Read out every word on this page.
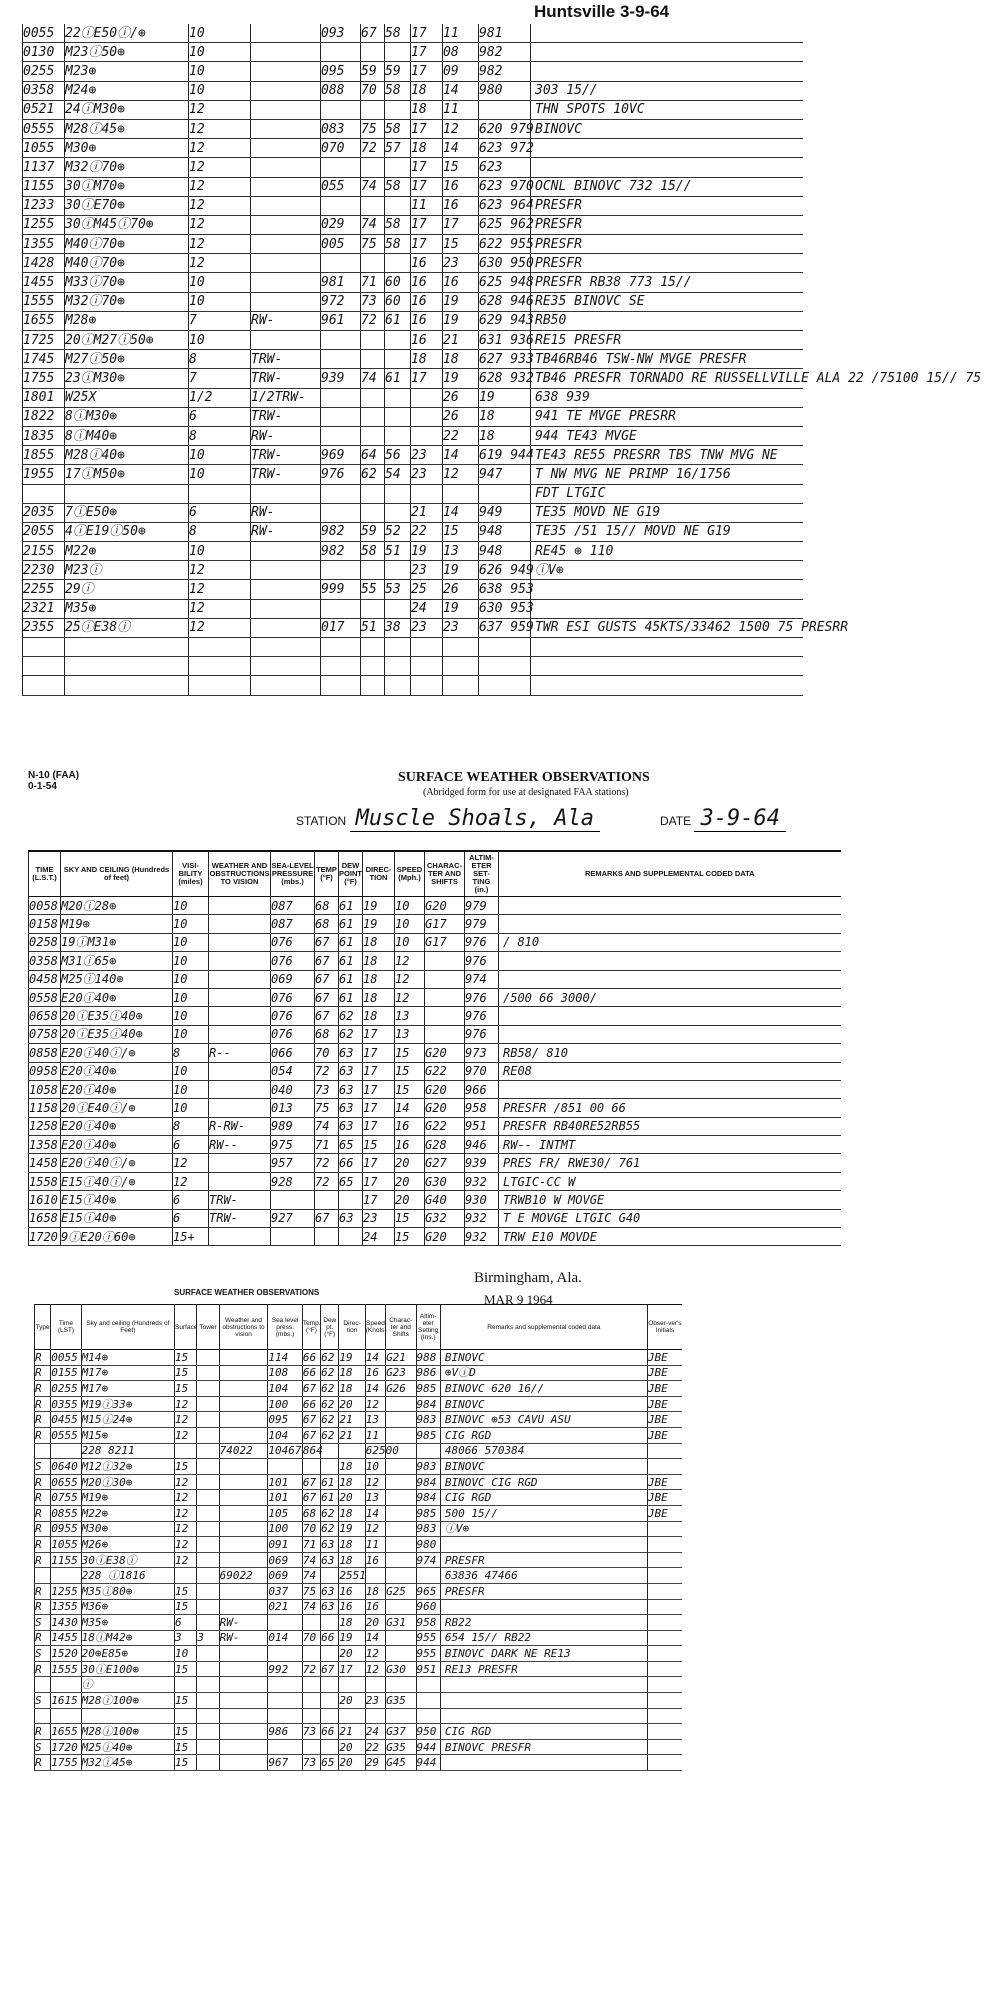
Huntsville 3-9-64
0055	22ⓘE50ⓘ/⊕	10		093	67	58	17	11	981	
0130	M23ⓘ50⊕	10					17	08	982	
0255	M23⊕	10		095	59	59	17	09	982	
0358	M24⊕	10		088	70	58	18	14	980	303 15//
0521	24ⓘM30⊕	12					18	11		THN SPOTS 10VC
0555	M28ⓘ45⊕	12		083	75	58	17	12	620 979	BINOVC
1055	M30⊕	12		070	72	57	18	14	623 972	
1137	M32ⓘ70⊕	12					17	15	623	
1155	30ⓘM70⊕	12		055	74	58	17	16	623 970	OCNL BINOVC 732 15//
1233	30ⓘE70⊕	12					11	16	623 964	PRESFR
1255	30ⓘM45ⓘ70⊕	12		029	74	58	17	17	625 962	PRESFR
1355	M40ⓘ70⊕	12		005	75	58	17	15	622 955	PRESFR
1428	M40ⓘ70⊕	12					16	23	630 950	PRESFR
1455	M33ⓘ70⊕	10		981	71	60	16	16	625 948	PRESFR RB38 773 15//
1555	M32ⓘ70⊕	10		972	73	60	16	19	628 946	RE35 BINOVC SE
1655	M28⊕	7	RW-	961	72	61	16	19	629 943	RB50
1725	20ⓘM27ⓘ50⊕	10					16	21	631 936	RE15 PRESFR
1745	M27ⓘ50⊕	8	TRW-				18	18	627 933	TB46RB46 TSW-NW MVGE PRESFR
1755	23ⓘM30⊕	7	TRW-	939	74	61	17	19	628 932	TB46 PRESFR TORNADO RE RUSSELLVILLE ALA 22 /75100 15// 75
1801	W25X	1/2	1/2TRW-					26	19	638 939
1822	8ⓘM30⊕	6	TRW-					26	18	941 TE MVGE PRESRR
1835	8ⓘM40⊕	8	RW-					22	18	944 TE43 MVGE
1855	M28ⓘ40⊕	10	TRW-	969	64	56	23	14	619 944	TE43 RE55 PRESRR TBS TNW MVG NE
1955	17ⓘM50⊕	10	TRW-	976	62	54	23	12	947	T NW MVG NE PRIMP 16/1756
										FDT LTGIC
2035	7ⓘE50⊕	6	RW-				21	14	949	TE35 MOVD NE G19
2055	4ⓘE19ⓘ50⊕	8	RW-	982	59	52	22	15	948	TE35 /51 15// MOVD NE G19
2155	M22⊕	10		982	58	51	19	13	948	RE45 ⊕ 110
2230	M23ⓘ	12					23	19	626 949	ⓘV⊕
2255	29ⓘ	12		999	55	53	25	26	638 953	
2321	M35⊕	12					24	19	630 953	
2355	25ⓘE38ⓘ	12		017	51	38	23	23	637 959	TWR ESI GUSTS 45KTS/33462 1500 75 PRESRR

N-10 (FAA)
0-1-54
SURFACE WEATHER OBSERVATIONS
(Abridged form for use at designated FAA stations)
STATION Muscle Shoals, Ala	DATE 3-9-64
TIME (L.S.T.)	SKY AND CEILING (Hundreds of feet)	VISI-BILITY (miles)	WEATHER AND OBSTRUCTIONS TO VISION	SEA-LEVEL PRESSURE (mbs.)	TEMP (°F)	DEW POINT (°F)	DIREC-TION	SPEED (Mph.)	CHARAC-TER AND SHIFTS	ALTIM-ETER SET-TING (in.)	REMARKS AND SUPPLEMENTAL CODED DATA
0058	M20ⓘ28⊕	10		087	68	61	19	10	G20	979	
0158	M19⊕	10		087	68	61	19	10	G17	979	
0258	19ⓘM31⊕	10		076	67	61	18	10	G17	976	/ 810
0358	M31ⓘ65⊕	10		076	67	61	18	12		976	
0458	M25ⓘ140⊕	10		069	67	61	18	12		974	
0558	E20ⓘ40⊕	10		076	67	61	18	12		976	/500 66 3000/
0658	20ⓘE35ⓘ40⊕	10		076	67	62	18	13		976	
0758	20ⓘE35ⓘ40⊕	10		076	68	62	17	13		976	
0858	E20ⓘ40ⓘ/⊕	8	R--	066	70	63	17	15	G20	973	RB58/ 810
0958	E20ⓘ40⊕	10		054	72	63	17	15	G22	970	RE08
1058	E20ⓘ40⊕	10		040	73	63	17	15	G20	966	
1158	20ⓘE40ⓘ/⊕	10		013	75	63	17	14	G20	958	PRESFR /851 00 66
1258	E20ⓘ40⊕	8	R-RW-	989	74	63	17	16	G22	951	PRESFR RB40RE52RB55
1358	E20ⓘ40⊕	6	RW--	975	71	65	15	16	G28	946	RW-- INTMT
1458	E20ⓘ40ⓘ/⊕	12		957	72	66	17	20	G27	939	PRES FR/ RWE30/ 761
1558	E15ⓘ40ⓘ/⊕	12		928	72	65	17	20	G30	932	LTGIC-CC W
1610	E15ⓘ40⊕	6	TRW-				17	20	G40	930	TRWB10 W MOVGE
1658	E15ⓘ40⊕	6	TRW-	927	67	63	23	15	G32	932	T E MOVGE LTGIC G40
1720	9ⓘE20ⓘ60⊕	15+					24	15	G20	932	TRW E10 MOVDE
SURFACE WEATHER OBSERVATIONS
Birmingham, Ala.
MAR 9 1964
Type	Time (LST)	Sky and ceiling (Hundreds of Feet)	Surface	Tower	Weather and obstructions to vision	Sea level press. (mbs.)	Temp. (°F)	Dew pt. (°F)	Direc-tion	Speed (Knots)	Charac-ter and Shifts	Altim-eter Setting (Ins.)	Remarks and supplemental coded data	Obser-ver's Initials
R	0055	M14⊕	15			114	66	62	19	14	G21	988	BINOVC	JBE
R	0155	M17⊕	15			108	66	62	18	16	G23	986	⊕VⓘD	JBE
R	0255	M17⊕	15			104	67	62	18	14	G26	985	BINOVC 620 16//	JBE
R	0355	M19ⓘ33⊕	12			100	66	62	20	12		984	BINOVC	JBE
R	0455	M15ⓘ24⊕	12			095	67	62	21	13		983	BINOVC ⊕53 CAVU ASU	JBE
R	0555	M15⊕	12			104	67	62	21	11		985	CIG RGD	JBE
		228 8211			74022	10467	864			62500			48066 570384	
S	0640	M12ⓘ32⊕	15						18	10		983	BINOVC	
R	0655	M20ⓘ30⊕	12			101	67	61	18	12		984	BINOVC CIG RGD	JBE
R	0755	M19⊕	12			101	67	61	20	13		984	CIG RGD	JBE
R	0855	M22⊕	12			105	68	62	18	14		985	500 15//	JBE
R	0955	M30⊕	12			100	70	62	19	12		983	ⓘV⊕	
R	1055	M26⊕	12			091	71	63	18	11		980		
R	1155	30ⓘE38ⓘ	12			069	74	63	18	16		974	PRESFR	
		228 ⓘ1816			69022	069	74		2551				63836 47466	
R	1255	M35ⓘ80⊕	15			037	75	63	16	18	G25	965	PRESFR	
R	1355	M36⊕	15			021	74	63	16	16		960		
S	1430	M35⊕	6		RW-				18	20	G31	958	RB22	
R	1455	18ⓘM42⊕	3	3	RW-	014	70	66	19	14		955	654 15// RB22	
S	1520	20⊕E85⊕	10						20	12		955	BINOVC DARK NE RE13	
R	1555	30ⓘE100⊕	15			992	72	67	17	12	G30	951	RE13 PRESFR	
		ⓘ												
S	1615	M28ⓘ100⊕	15						20	23	G35			

R	1655	M28ⓘ100⊕	15			986	73	66	21	24	G37	950	CIG RGD	
S	1720	M25ⓘ40⊕	15						20	22	G35	944	BINOVC PRESFR	
R	1755	M32ⓘ45⊕	15			967	73	65	20	29	G45	944		
